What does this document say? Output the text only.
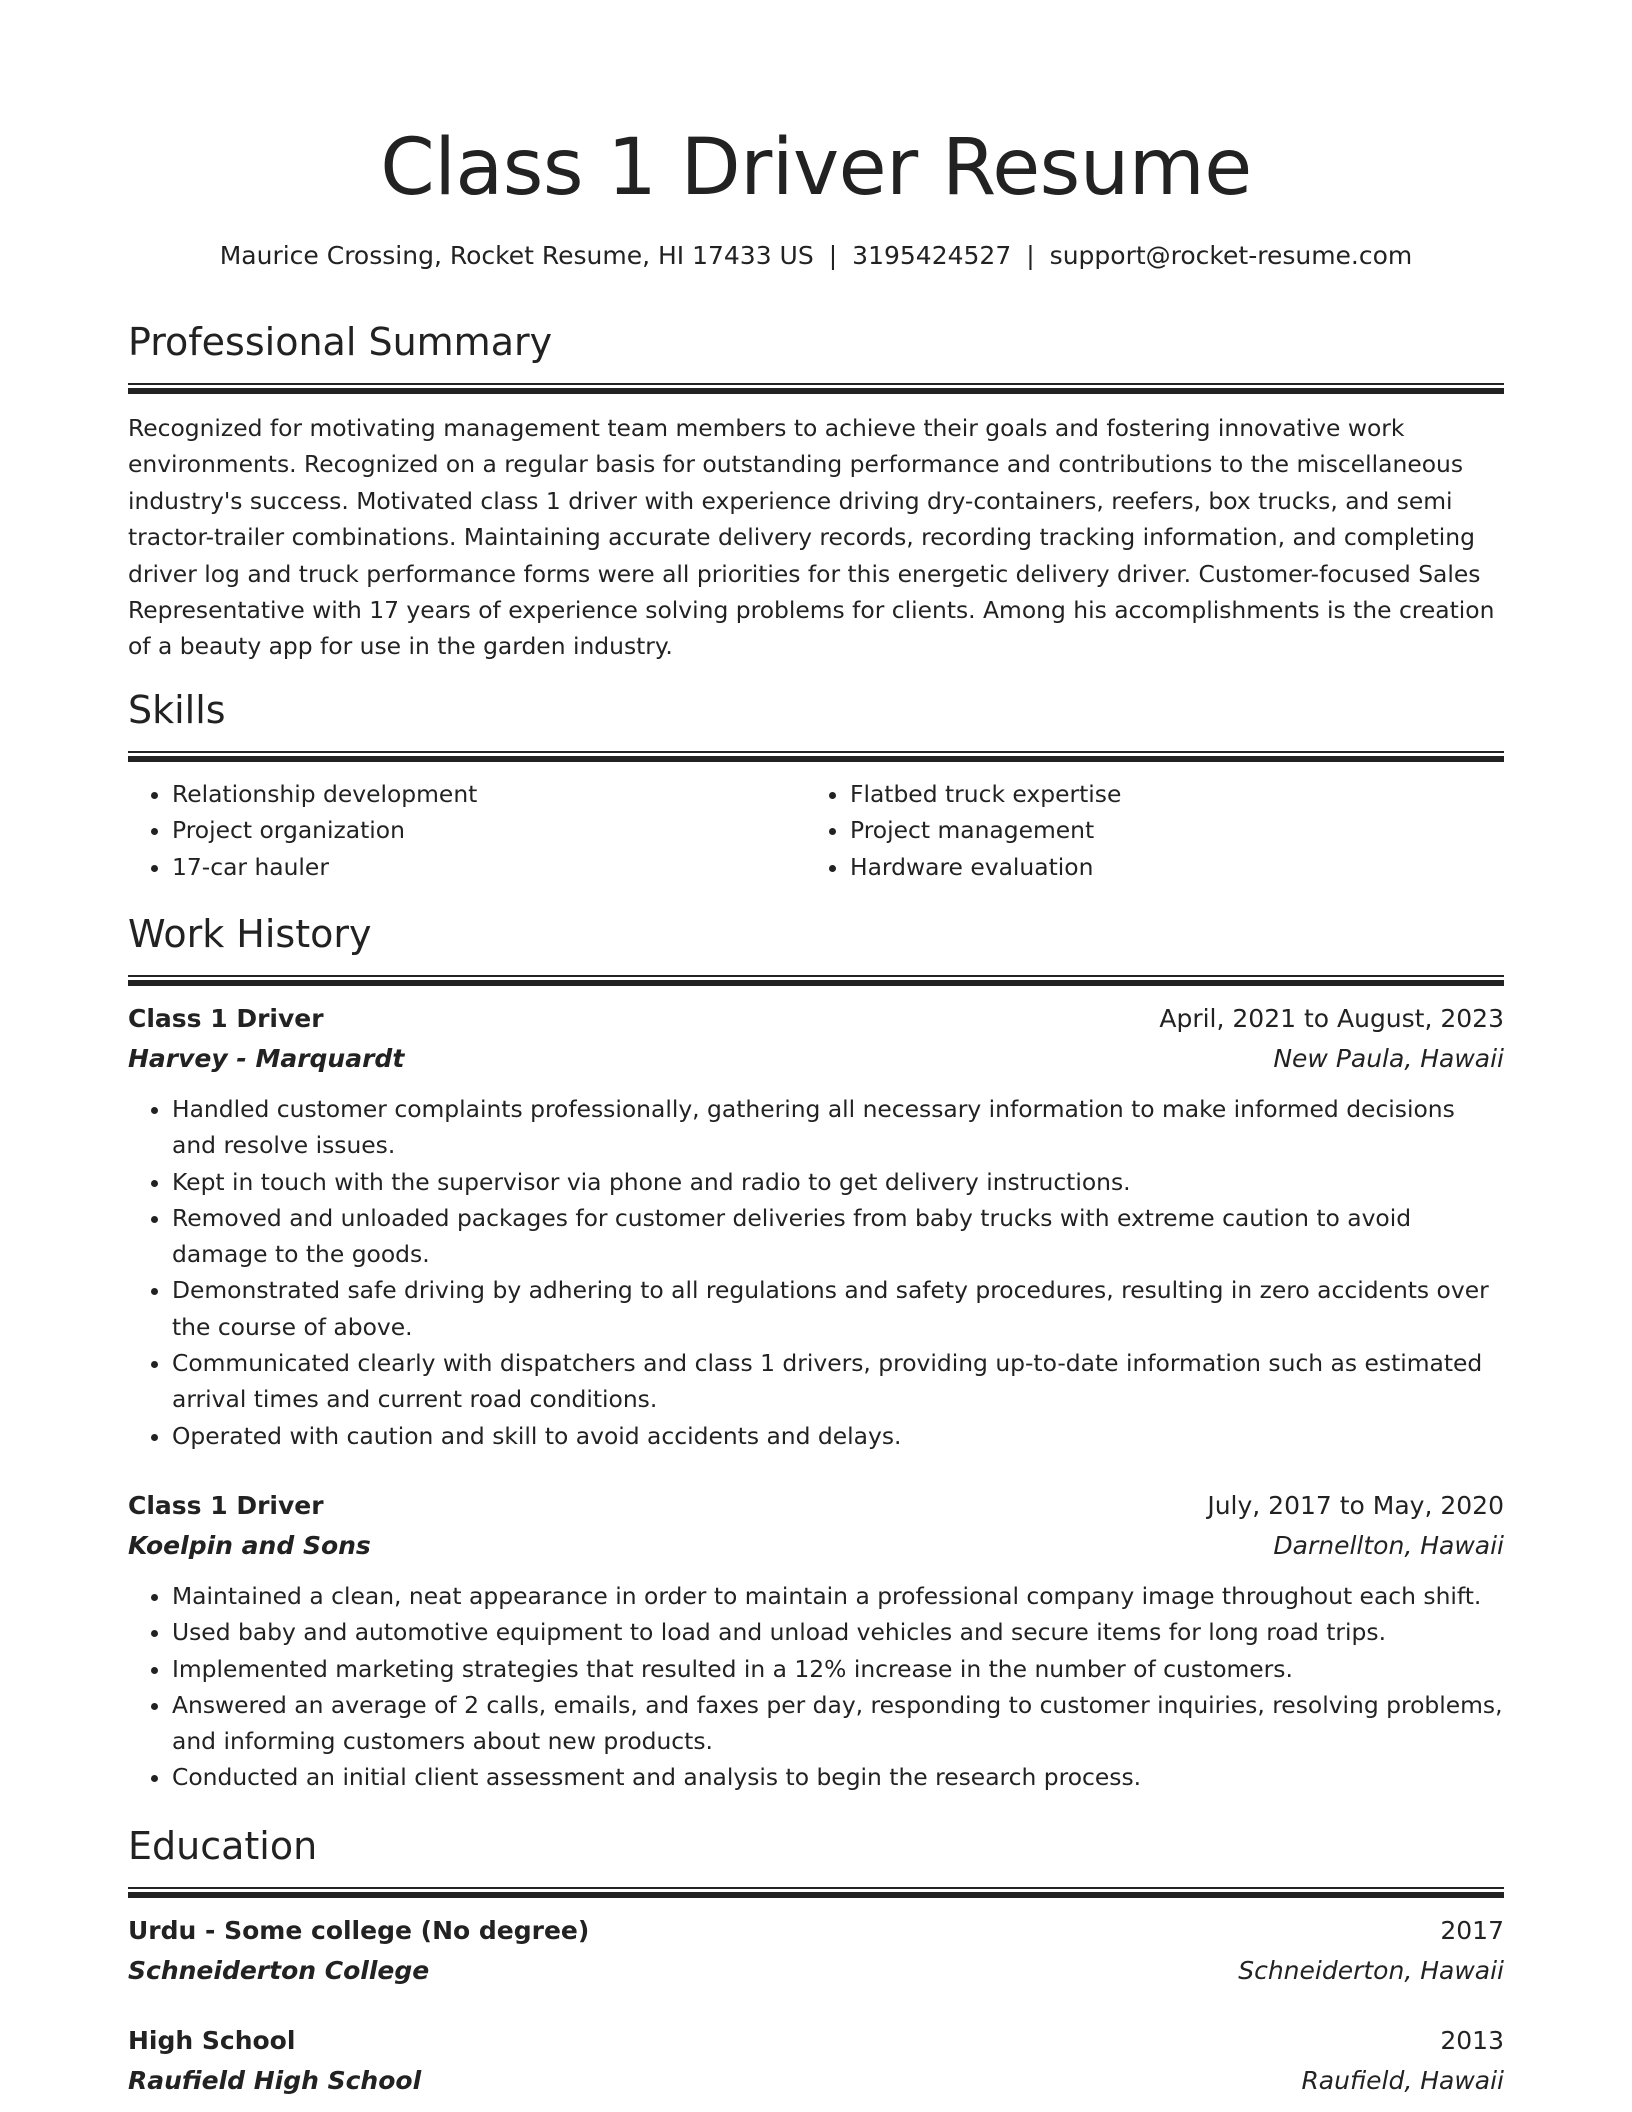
Class 1 Driver Resume
Maurice Crossing, Rocket Resume, HI 17433 US | 3195424527 | support@rocket-resume.com
Professional Summary
Recognized for motivating management team members to achieve their goals and fostering innovative work environments. Recognized on a regular basis for outstanding performance and contributions to the miscellaneous industry's success. Motivated class 1 driver with experience driving dry-containers, reefers, box trucks, and semi tractor-trailer combinations. Maintaining accurate delivery records, recording tracking information, and completing driver log and truck performance forms were all priorities for this energetic delivery driver. Customer-focused Sales Representative with 17 years of experience solving problems for clients. Among his accomplishments is the creation of a beauty app for use in the garden industry.
Skills
• Relationship development
• Project organization
• 17-car hauler
• Flatbed truck expertise
• Project management
• Hardware evaluation
Work History
Class 1 Driver	April, 2021 to August, 2023
Harvey - Marquardt	New Paula, Hawaii
• Handled customer complaints professionally, gathering all necessary information to make informed decisions and resolve issues.
• Kept in touch with the supervisor via phone and radio to get delivery instructions.
• Removed and unloaded packages for customer deliveries from baby trucks with extreme caution to avoid damage to the goods.
• Demonstrated safe driving by adhering to all regulations and safety procedures, resulting in zero accidents over the course of above.
• Communicated clearly with dispatchers and class 1 drivers, providing up-to-date information such as estimated arrival times and current road conditions.
• Operated with caution and skill to avoid accidents and delays.
Class 1 Driver	July, 2017 to May, 2020
Koelpin and Sons	Darnellton, Hawaii
• Maintained a clean, neat appearance in order to maintain a professional company image throughout each shift.
• Used baby and automotive equipment to load and unload vehicles and secure items for long road trips.
• Implemented marketing strategies that resulted in a 12% increase in the number of customers.
• Answered an average of 2 calls, emails, and faxes per day, responding to customer inquiries, resolving problems, and informing customers about new products.
• Conducted an initial client assessment and analysis to begin the research process.
Education
Urdu - Some college (No degree)	2017
Schneiderton College	Schneiderton, Hawaii
High School	2013
Raufield High School	Raufield, Hawaii
